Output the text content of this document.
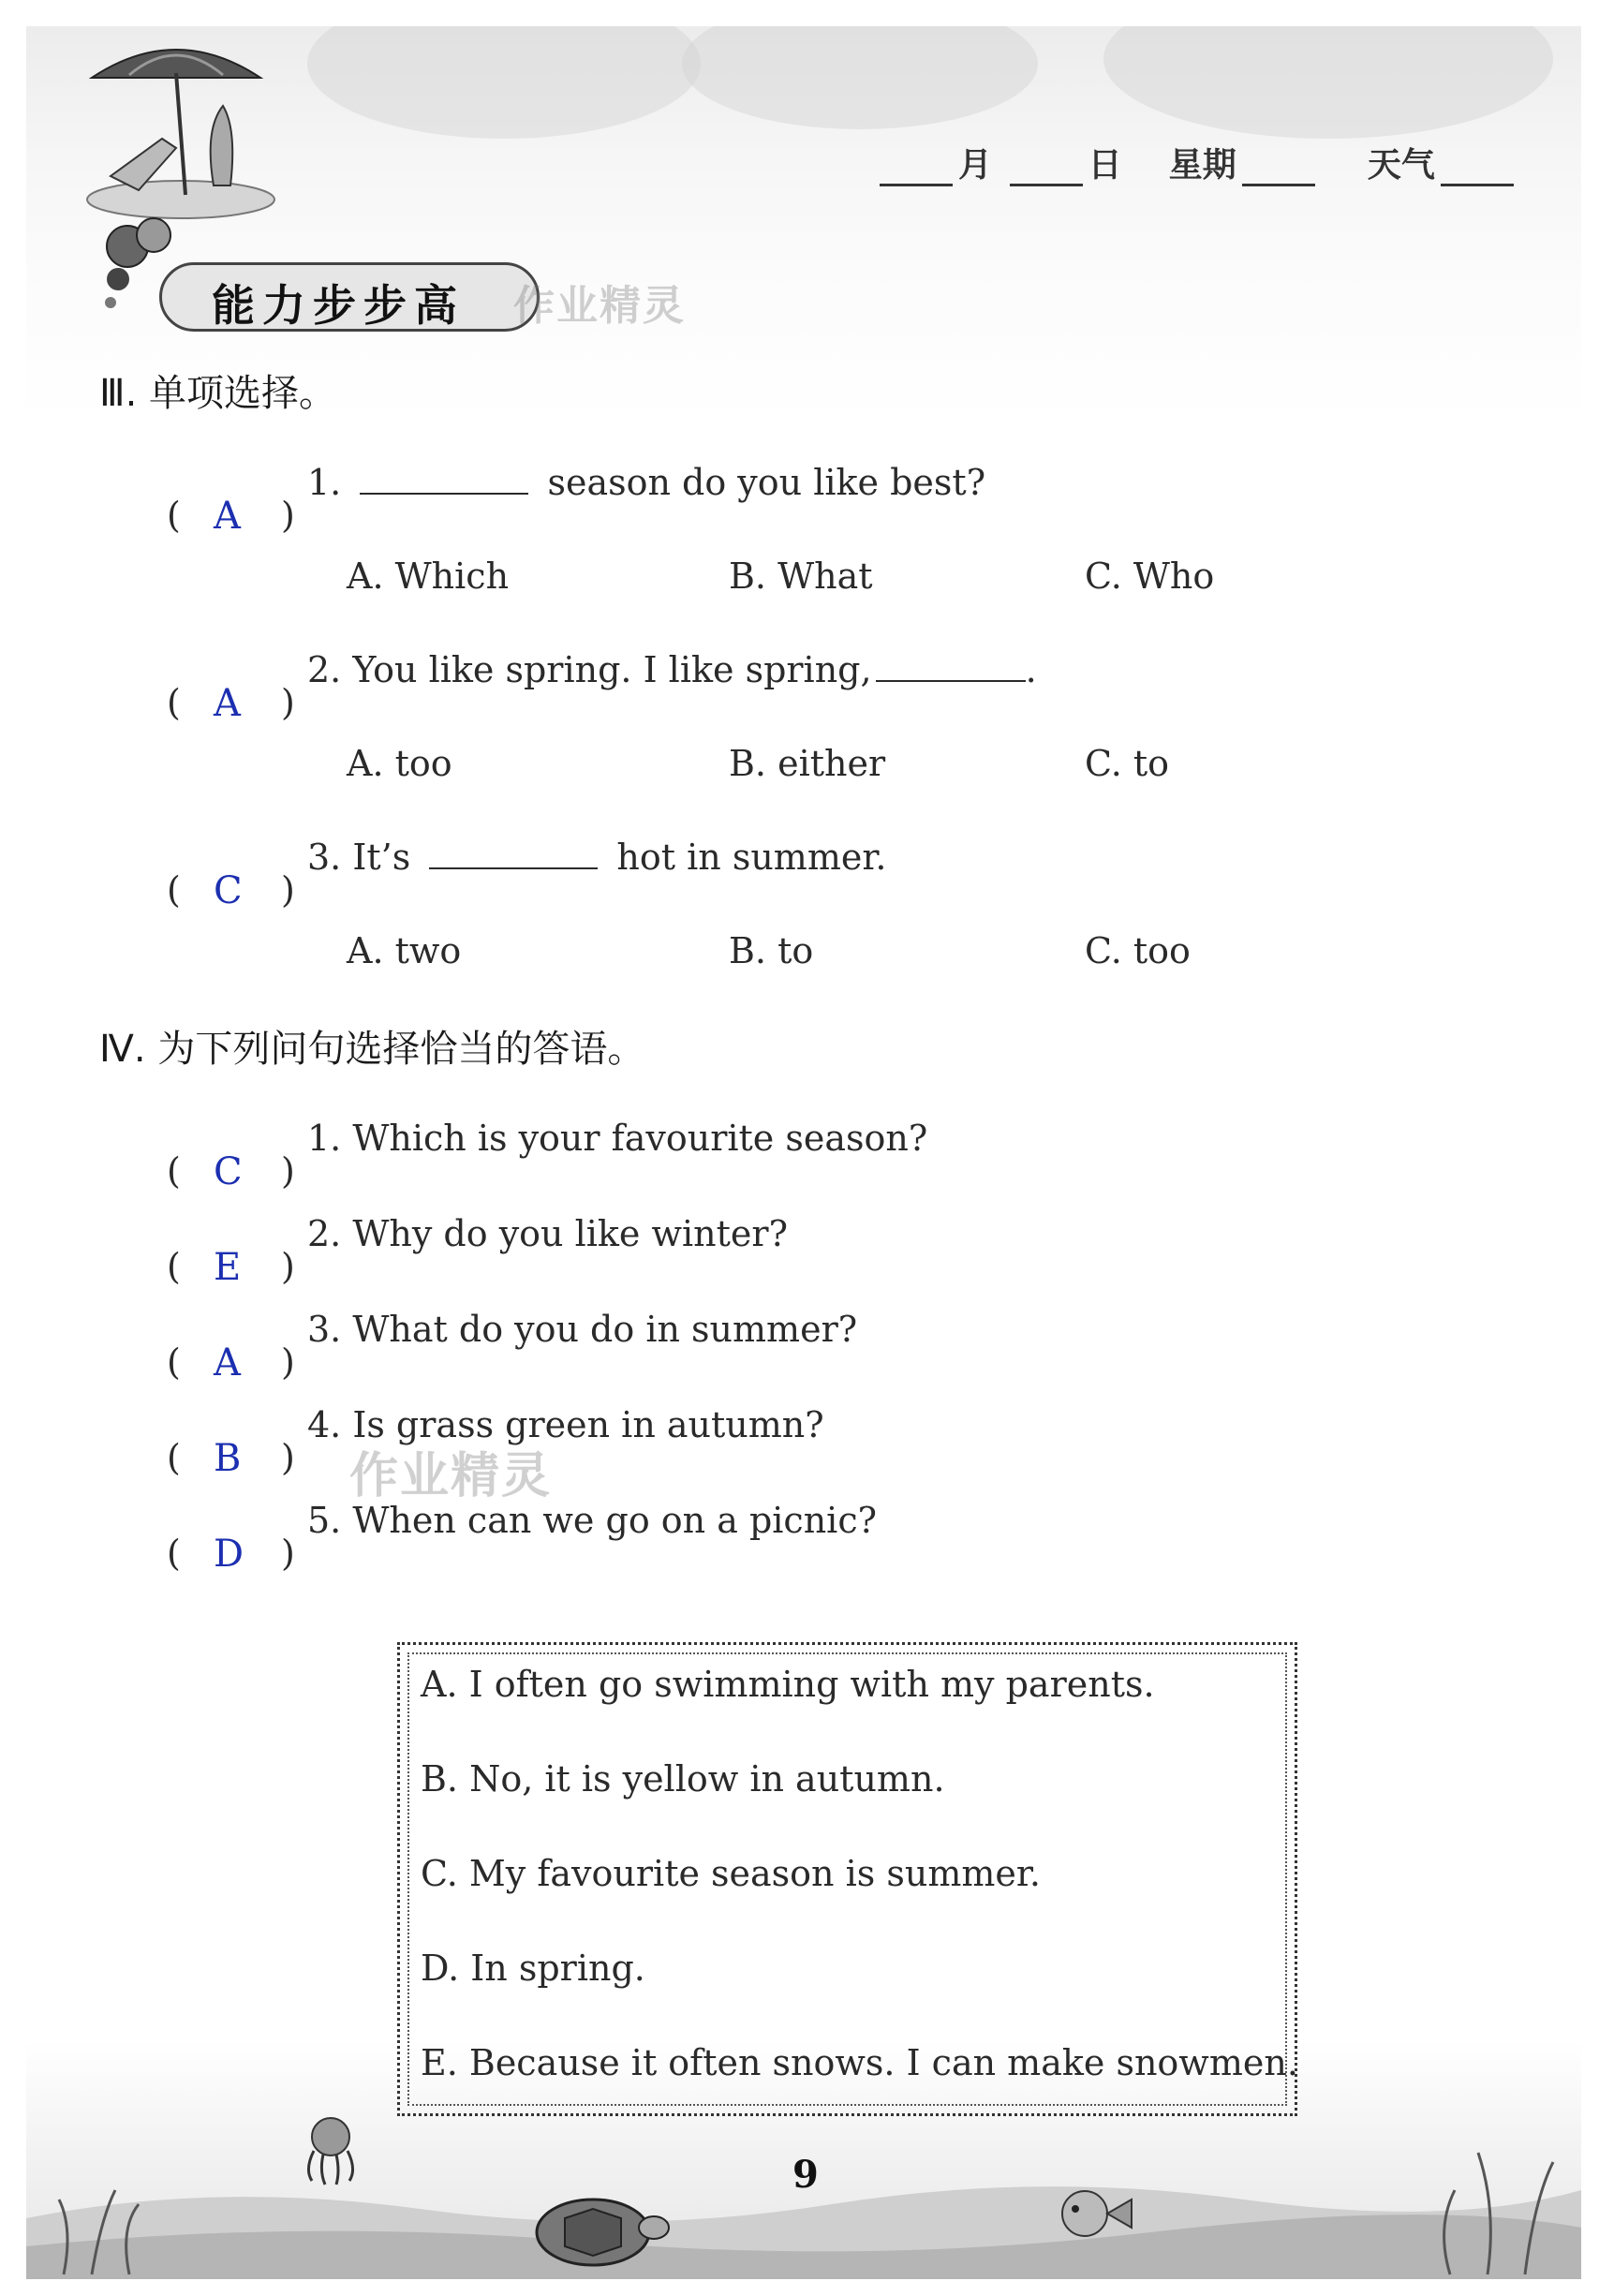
月	日 星期	天气
能力步步高 作业精灵
Ⅲ. 单项选择。
( A )
1.	season do you like best?
A. Which	B. What	C. Who
( A )
2. You like spring. I like spring,	.
A. too	B. either	C. to
( C )
3. It’s	hot in summer.
A. two	B. to	C. too
Ⅳ. 为下列问句选择恰当的答语。
( C )
1. Which is your favourite season?
( E )
2. Why do you like winter?
( A )
3. What do you do in summer?
( B )
4. Is grass green in autumn?
作业精灵
( D )
5. When can we go on a picnic?
A. I often go swimming with my parents.
B. No, it is yellow in autumn.
C. My favourite season is summer.
D. In spring.
E. Because it often snows. I can make snowmen.
9
